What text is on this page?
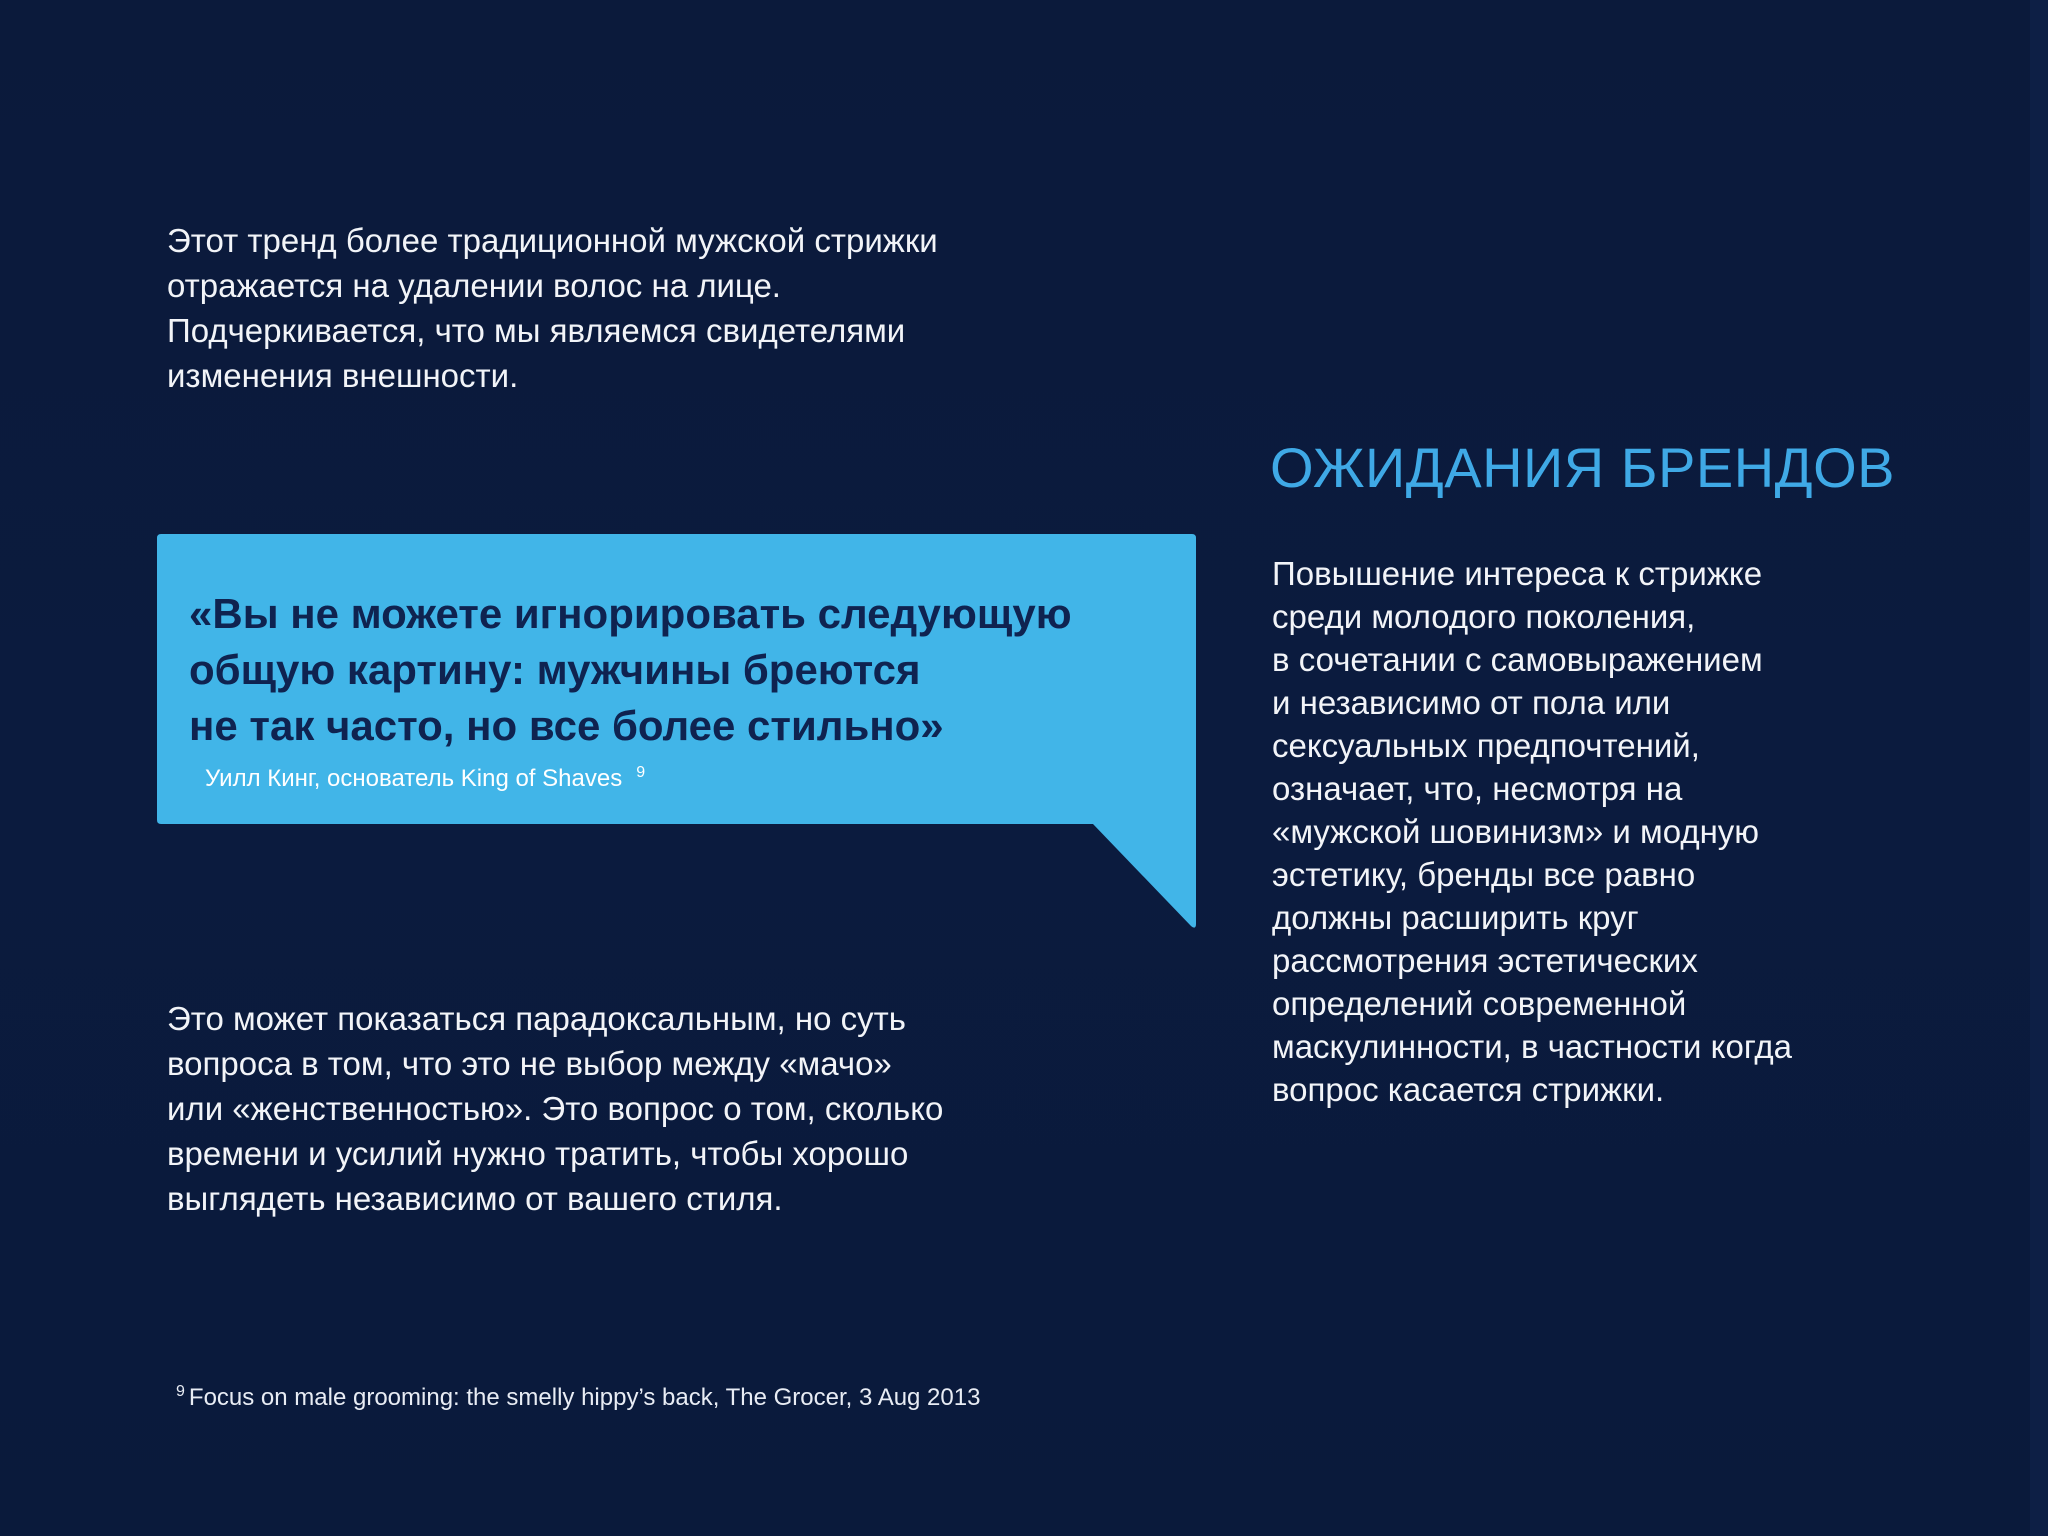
Этот тренд более традиционной мужской стрижки
отражается на удалении волос на лице.
Подчеркивается, что мы являемся свидетелями
изменения внешности.

«Вы не можете игнорировать следующую
общую картину: мужчины бреются
не так часто, но все более стильно»

Уилл Кинг, основатель King of Shaves $^9$

Это может показаться парадоксальным, но суть
вопроса в том, что это не выбор между «мачо»
или «женственностью». Это вопрос о том, сколько
времени и усилий нужно тратить, чтобы хорошо
выглядеть независимо от вашего стиля.

ОЖИДАНИЯ БРЕНДОВ

Повышение интереса к стрижке
среди молодого поколения,
в сочетании с самовыражением
и независимо от пола или
сексуальных предпочтений,
означает, что, несмотря на
«мужской шовинизм» и модную
эстетику, бренды все равно
должны расширить круг
рассмотрения эстетических
определений современной
маскулинности, в частности когда
вопрос касается стрижки.

$^9$ Focus on male grooming: the smelly hippy’s back, The Grocer, 3 Aug 2013
